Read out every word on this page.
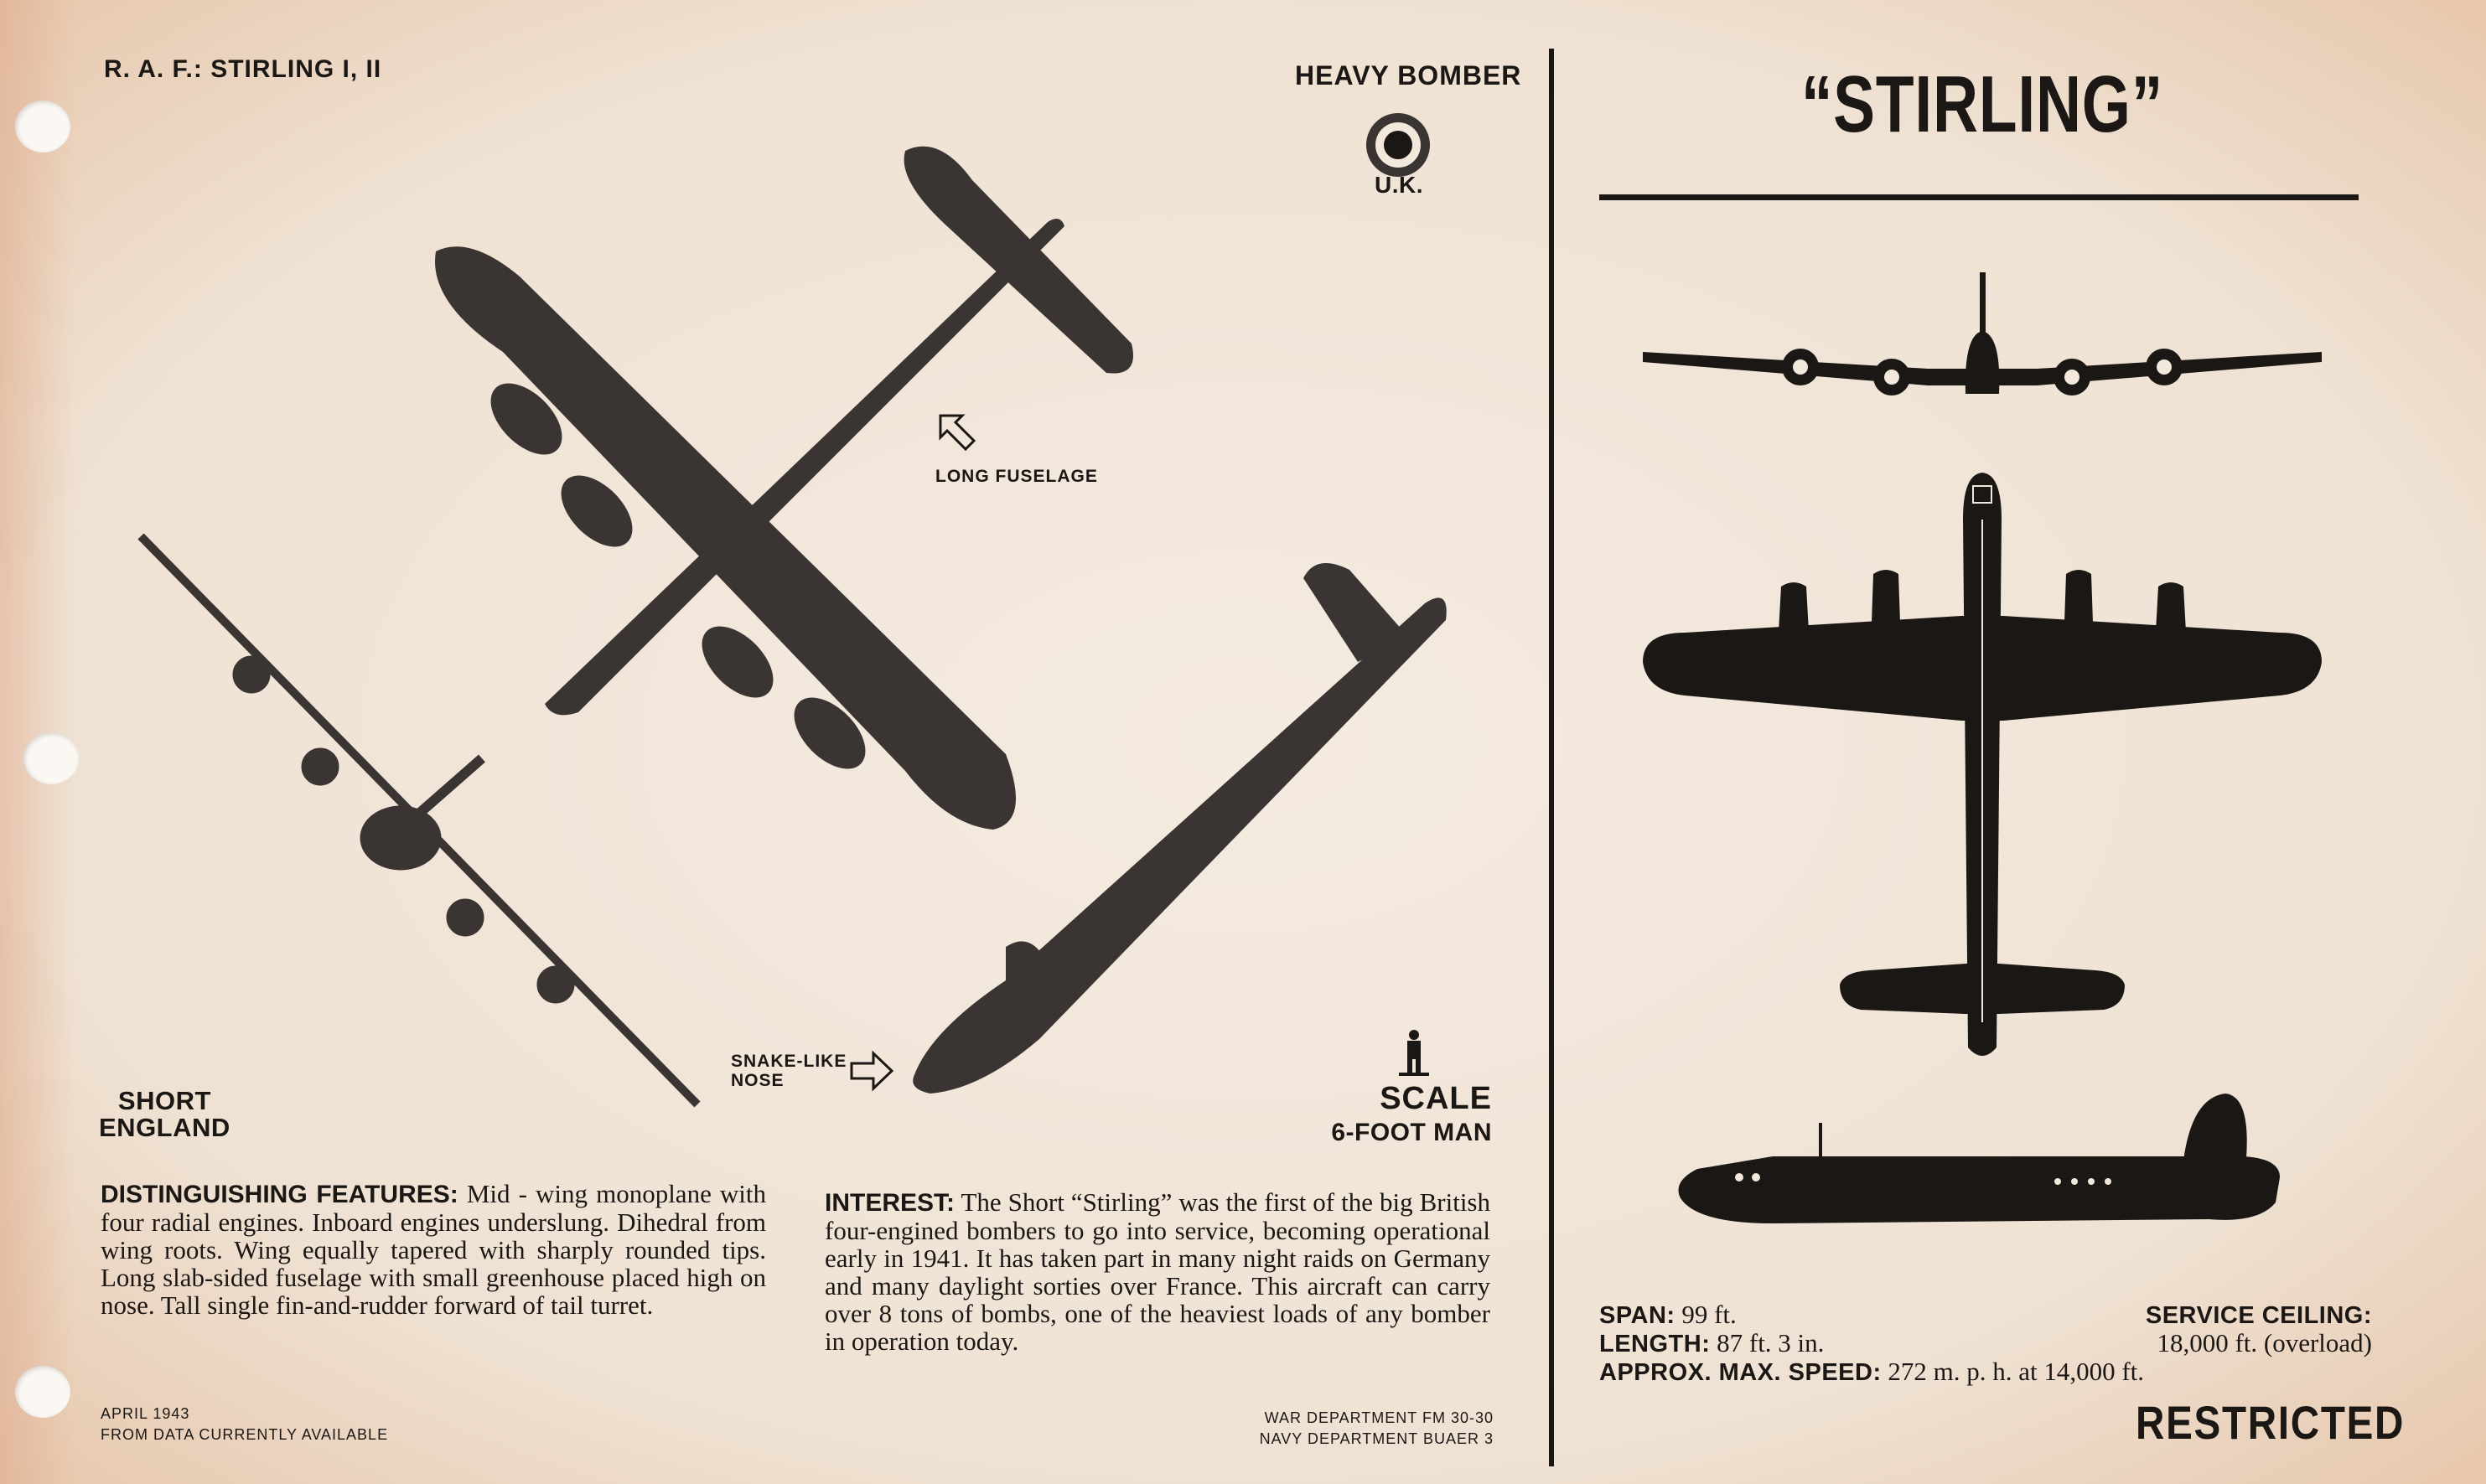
R. A. F.: STIRLING I, II	HEAVY BOMBER
U.K.
“STIRLING”
LONG FUSELAGE
SNAKE-LIKE
NOSE
SHORT
ENGLAND
SCALE
6-FOOT MAN
DISTINGUISHING FEATURES: Mid - wing monoplane with four radial engines. Inboard engines underslung. Dihedral from wing roots. Wing equally tapered with sharply rounded tips. Long slab-sided fuselage with small greenhouse placed high on nose. Tall single fin-and-rudder forward of tail turret.
INTEREST: The Short “Stirling” was the first of the big British four-engined bombers to go into service, becoming operational early in 1941. It has taken part in many night raids on Germany and many daylight sorties over France. This aircraft can carry over 8 tons of bombs, one of the heaviest loads of any bomber in operation today.
APRIL 1943
FROM DATA CURRENTLY AVAILABLE
WAR DEPARTMENT FM 30-30
NAVY DEPARTMENT BUAER 3
SPAN: 99 ft.
LENGTH: 87 ft. 3 in.
APPROX. MAX. SPEED: 272 m. p. h. at 14,000 ft.
SERVICE CEILING:
18,000 ft. (overload)
RESTRICTED
